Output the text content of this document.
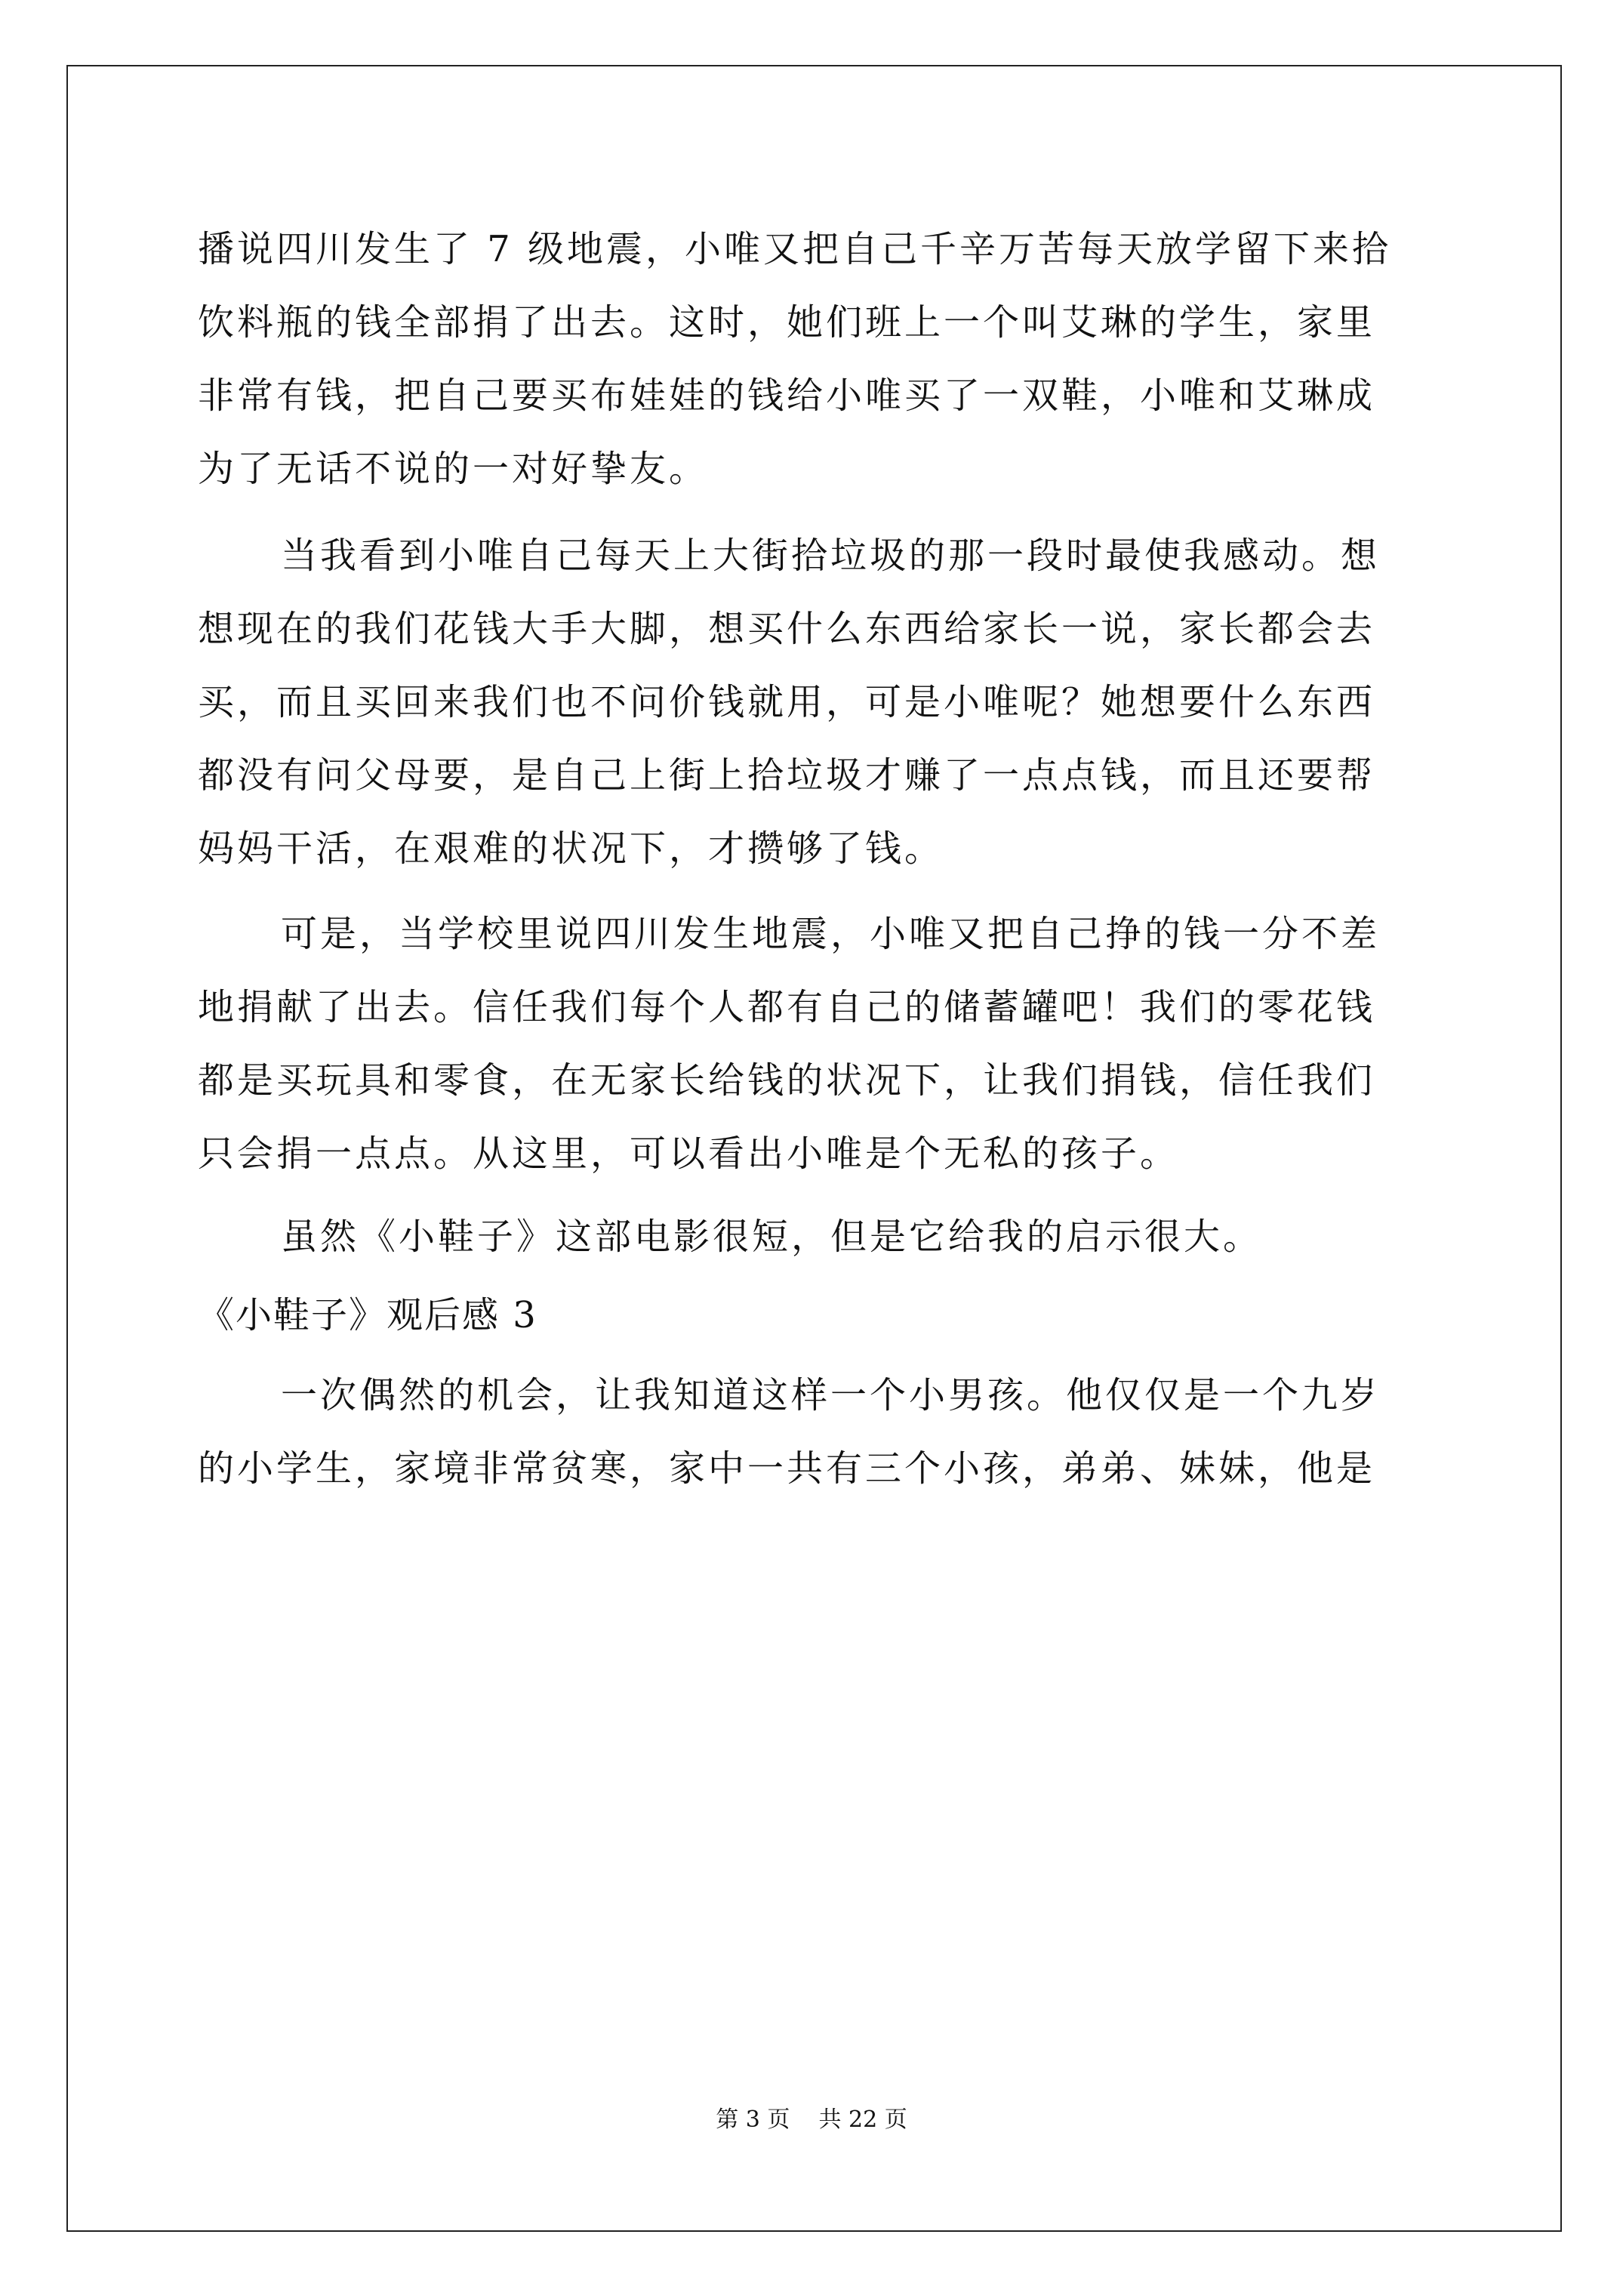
播说四川发生了 7 级地震，小唯又把自己千辛万苦每天放学留下来拾
饮料瓶的钱全部捐了出去。这时，她们班上一个叫艾琳的学生，家里
非常有钱，把自己要买布娃娃的钱给小唯买了一双鞋，小唯和艾琳成
为了无话不说的一对好挚友。
当我看到小唯自己每天上大街拾垃圾的那一段时最使我感动。想
想现在的我们花钱大手大脚，想买什么东西给家长一说，家长都会去
买，而且买回来我们也不问价钱就用，可是小唯呢？她想要什么东西
都没有问父母要，是自己上街上拾垃圾才赚了一点点钱，而且还要帮
妈妈干活，在艰难的状况下，才攒够了钱。
可是，当学校里说四川发生地震，小唯又把自己挣的钱一分不差
地捐献了出去。信任我们每个人都有自己的储蓄罐吧！我们的零花钱
都是买玩具和零食，在无家长给钱的状况下，让我们捐钱，信任我们
只会捐一点点。从这里，可以看出小唯是个无私的孩子。
虽然《小鞋子》这部电影很短，但是它给我的启示很大。
《小鞋子》观后感 3
一次偶然的机会，让我知道这样一个小男孩。他仅仅是一个九岁
的小学生，家境非常贫寒，家中一共有三个小孩，弟弟、妹妹，他是
第 3 页    共 22 页
